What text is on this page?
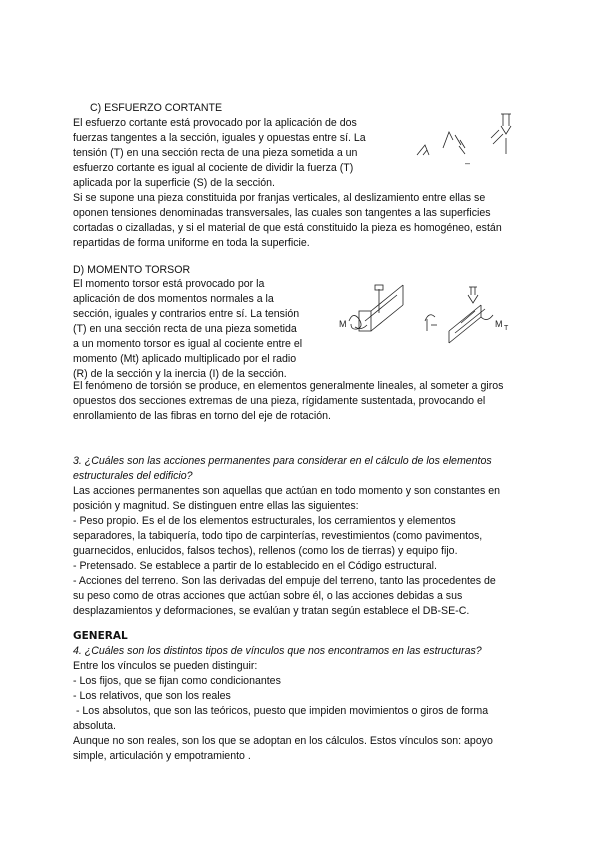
C) ESFUERZO CORTANTE
El esfuerzo cortante está provocado por la aplicación de dos
fuerzas tangentes a la sección, iguales y opuestas entre sí. La
tensión (T) en una sección recta de una pieza sometida a un
esfuerzo cortante es igual al cociente de dividir la fuerza (T)
aplicada por la superficie (S) de la sección.
–
Si se supone una pieza constituida por franjas verticales, al deslizamiento entre ellas se
oponen tensiones denominadas transversales, las cuales son tangentes a las superficies
cortadas o cizalladas, y si el material de que está constituido la pieza es homogéneo, están
repartidas de forma uniforme en toda la superficie.
D) MOMENTO TORSOR
El momento torsor está provocado por la
aplicación de dos momentos normales a la
sección, iguales y contrarios entre sí. La tensión
(T) en una sección recta de una pieza sometida
a un momento torsor es igual al cociente entre el
momento (Mt) aplicado multiplicado por el radio
(R) de la sección y la inercia (I) de la sección.
M	M T
El fenómeno de torsión se produce, en elementos generalmente lineales, al someter a giros
opuestos dos secciones extremas de una pieza, rígidamente sustentada, provocando el
enrollamiento de las fibras en torno del eje de rotación.
3. ¿Cuáles son las acciones permanentes para considerar en el cálculo de los elementos
estructurales del edificio?
Las acciones permanentes son aquellas que actúan en todo momento y son constantes en
posición y magnitud. Se distinguen entre ellas las siguientes:
- Peso propio. Es el de los elementos estructurales, los cerramientos y elementos
separadores, la tabiquería, todo tipo de carpinterías, revestimientos (como pavimentos,
guarnecidos, enlucidos, falsos techos), rellenos (como los de tierras) y equipo fijo.
- Pretensado. Se establece a partir de lo establecido en el Código estructural.
- Acciones del terreno. Son las derivadas del empuje del terreno, tanto las procedentes de
su peso como de otras acciones que actúan sobre él, o las acciones debidas a sus
desplazamientos y deformaciones, se evalúan y tratan según establece el DB-SE-C.
GENERAL
4. ¿Cuáles son los distintos tipos de vínculos que nos encontramos en las estructuras?
Entre los vínculos se pueden distinguir:
- Los fijos, que se fijan como condicionantes
- Los relativos, que son los reales
- Los absolutos, que son las teóricos, puesto que impiden movimientos o giros de forma
absoluta.
Aunque no son reales, son los que se adoptan en los cálculos. Estos vínculos son: apoyo
simple, articulación y empotramiento .
